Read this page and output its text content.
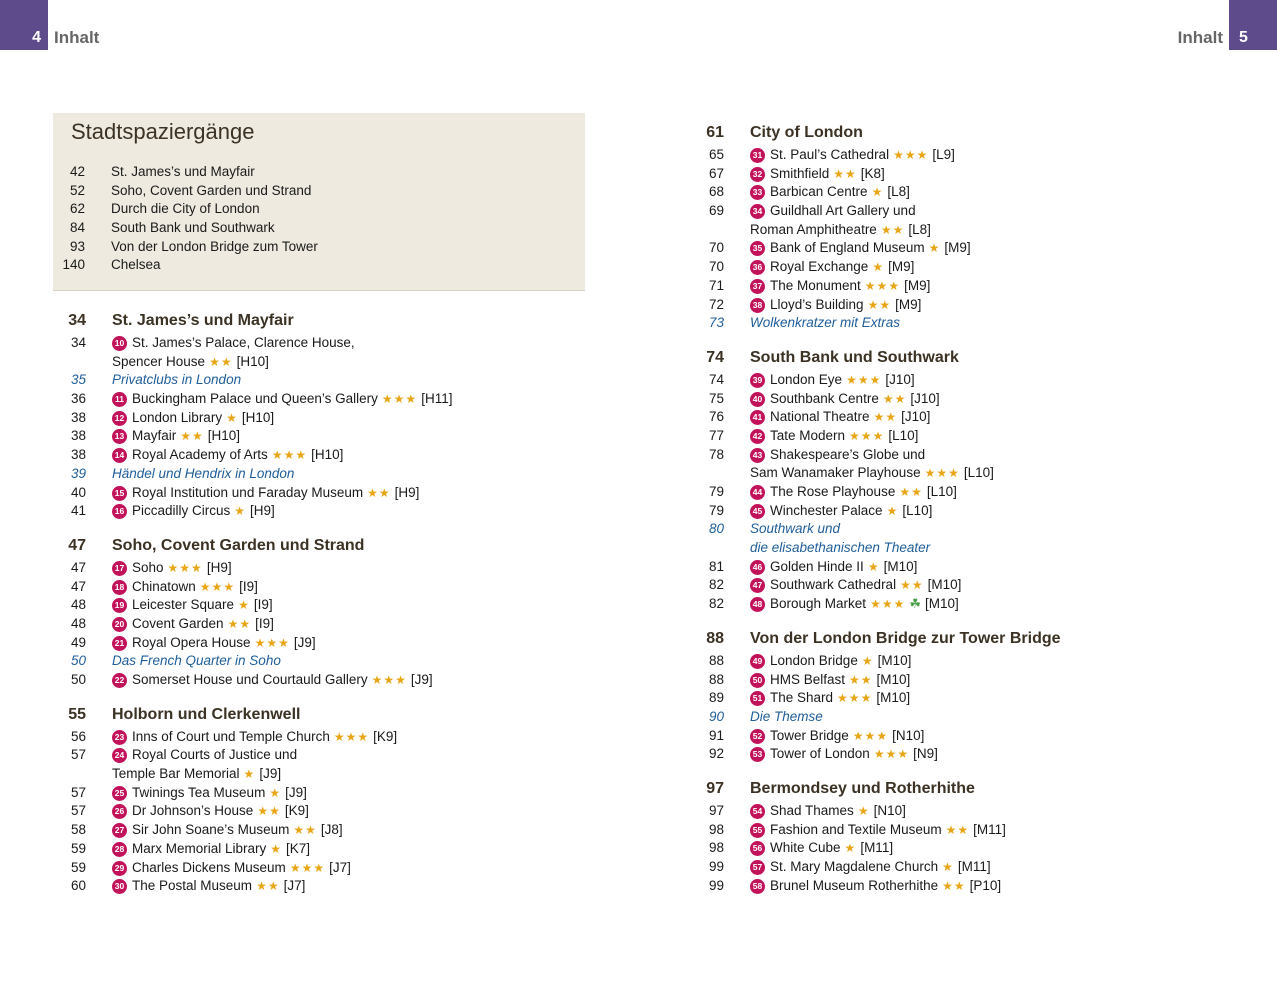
4 Inhalt	Inhalt	5
Stadtspaziergänge
42 St. James’s und Mayfair
52 Soho, Covent Garden und Strand
62 Durch die City of London
84 South Bank und Southwark
93 Von der London Bridge zum Tower
140 Chelsea
34 St. James’s und Mayfair
34	10 St. James’s Palace, Clarence House,
Spencer House ★★ [H10]
35 Privatclubs in London
36	11 Buckingham Palace und Queen’s Gallery ★★★ [H11]
38	12 London Library ★ [H10]
38	13 Mayfair ★★ [H10]
38	14 Royal Academy of Arts ★★★ [H10]
39 Händel und Hendrix in London
40	15 Royal Institution und Faraday Museum ★★ [H9]
41	16 Piccadilly Circus ★ [H9]
47 Soho, Covent Garden und Strand
47	17 Soho ★★★ [H9]
47	18 Chinatown ★★★ [I9]
48	19 Leicester Square ★ [I9]
48	20 Covent Garden ★★ [I9]
49	21 Royal Opera House ★★★ [J9]
50 Das French Quarter in Soho
50	22 Somerset House und Courtauld Gallery ★★★ [J9]
55 Holborn und Clerkenwell
56	23 Inns of Court und Temple Church ★★★ [K9]
57	24 Royal Courts of Justice und
Temple Bar Memorial ★ [J9]
57	25 Twinings Tea Museum ★ [J9]
57	26 Dr Johnson’s House ★★ [K9]
58	27 Sir John Soane’s Museum ★★ [J8]
59	28 Marx Memorial Library ★ [K7]
59	29 Charles Dickens Museum ★★★ [J7]
60	30 The Postal Museum ★★ [J7]
61 City of London
65	31 St. Paul’s Cathedral ★★★ [L9]
67	32 Smithfield ★★ [K8]
68	33 Barbican Centre ★ [L8]
69	34 Guildhall Art Gallery und
Roman Amphitheatre ★★ [L8]
70	35 Bank of England Museum ★ [M9]
70	36 Royal Exchange ★ [M9]
71	37 The Monument ★★★ [M9]
72	38 Lloyd’s Building ★★ [M9]
73 Wolkenkratzer mit Extras
74 South Bank und Southwark
74	39 London Eye ★★★ [J10]
75	40 Southbank Centre ★★ [J10]
76	41 National Theatre ★★ [J10]
77	42 Tate Modern ★★★ [L10]
78	43 Shakespeare’s Globe und
Sam Wanamaker Playhouse ★★★ [L10]
79	44 The Rose Playhouse ★★ [L10]
79	45 Winchester Palace ★ [L10]
80 Southwark und
die elisabethanischen Theater
81	46 Golden Hinde II ★ [M10]
82	47 Southwark Cathedral ★★ [M10]
82	48 Borough Market ★★★ ☘ [M10]
88 Von der London Bridge zur Tower Bridge
88	49 London Bridge ★ [M10]
88	50 HMS Belfast ★★ [M10]
89	51 The Shard ★★★ [M10]
90 Die Themse
91	52 Tower Bridge ★★★ [N10]
92	53 Tower of London ★★★ [N9]
97 Bermondsey und Rotherhithe
97	54 Shad Thames ★ [N10]
98	55 Fashion and Textile Museum ★★ [M11]
98	56 White Cube ★ [M11]
99	57 St. Mary Magdalene Church ★ [M11]
99	58 Brunel Museum Rotherhithe ★★ [P10]
